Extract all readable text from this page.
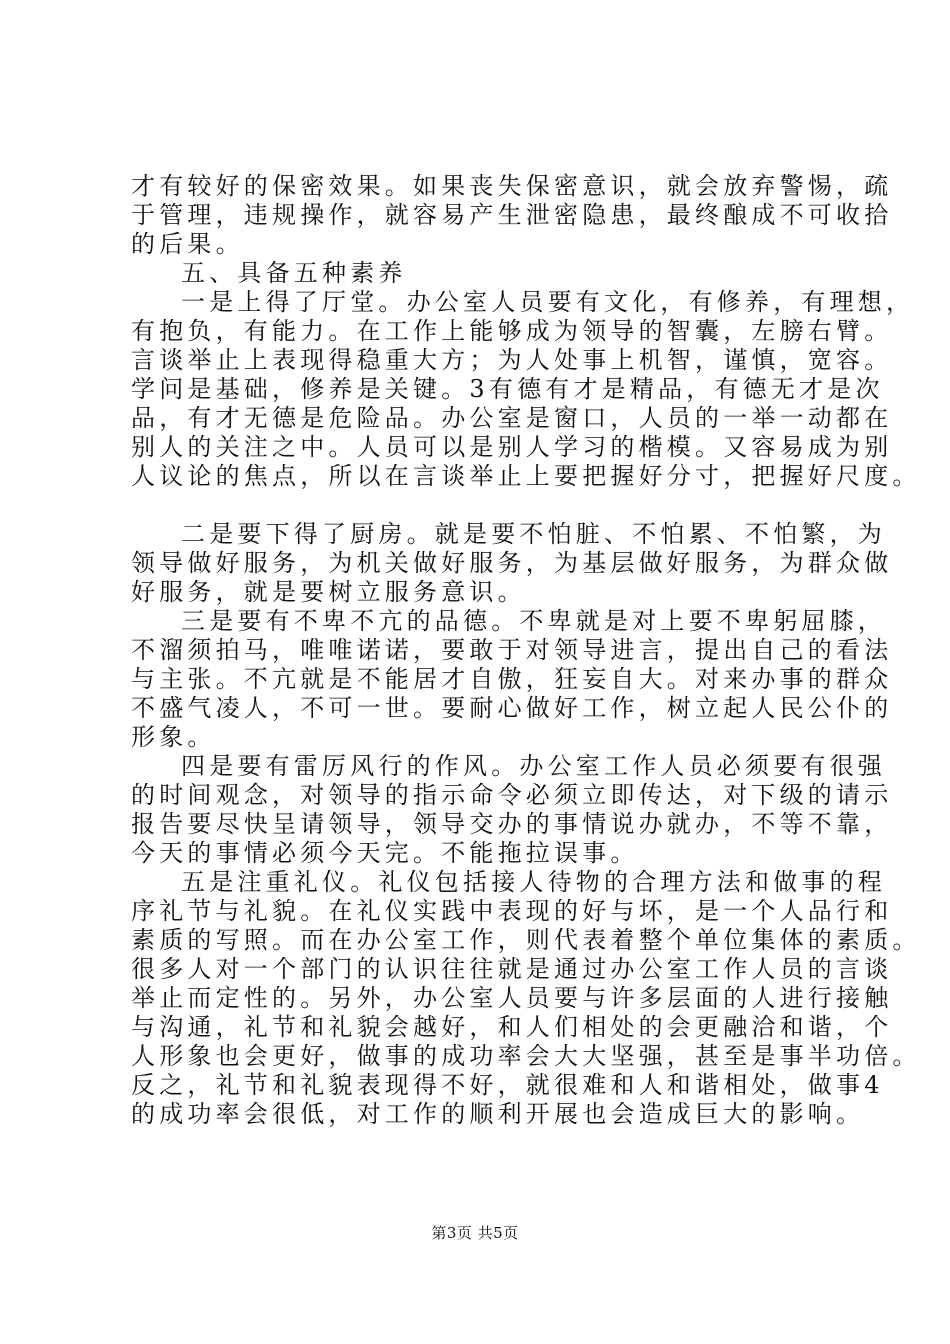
才有较好的保密效果。如果丧失保密意识，就会放弃警惕，疏
于管理，违规操作，就容易产生泄密隐患，最终酿成不可收拾
的后果。
五、具备五种素养
一是上得了厅堂。办公室人员要有文化，有修养，有理想，
有抱负，有能力。在工作上能够成为领导的智囊，左膀右臂。
言谈举止上表现得稳重大方；为人处事上机智，谨慎，宽容。
学问是基础，修养是关键。3有德有才是精品，有德无才是次
品，有才无德是危险品。办公室是窗口，人员的一举一动都在
别人的关注之中。人员可以是别人学习的楷模。又容易成为别
人议论的焦点，所以在言谈举止上要把握好分寸，把握好尺度。
二是要下得了厨房。就是要不怕脏、不怕累、不怕繁，为
领导做好服务，为机关做好服务，为基层做好服务，为群众做
好服务，就是要树立服务意识。
三是要有不卑不亢的品德。不卑就是对上要不卑躬屈膝，
不溜须拍马，唯唯诺诺，要敢于对领导进言，提出自己的看法
与主张。不亢就是不能居才自傲，狂妄自大。对来办事的群众
不盛气凌人，不可一世。要耐心做好工作，树立起人民公仆的
形象。
四是要有雷厉风行的作风。办公室工作人员必须要有很强
的时间观念，对领导的指示命令必须立即传达，对下级的请示
报告要尽快呈请领导，领导交办的事情说办就办，不等不靠，
今天的事情必须今天完。不能拖拉误事。
五是注重礼仪。礼仪包括接人待物的合理方法和做事的程
序礼节与礼貌。在礼仪实践中表现的好与坏，是一个人品行和
素质的写照。而在办公室工作，则代表着整个单位集体的素质。
很多人对一个部门的认识往往就是通过办公室工作人员的言谈
举止而定性的。另外，办公室人员要与许多层面的人进行接触
与沟通，礼节和礼貌会越好，和人们相处的会更融洽和谐，个
人形象也会更好，做事的成功率会大大坚强，甚至是事半功倍。
反之，礼节和礼貌表现得不好，就很难和人和谐相处，做事4
的成功率会很低，对工作的顺利开展也会造成巨大的影响。
第3页 共5页
